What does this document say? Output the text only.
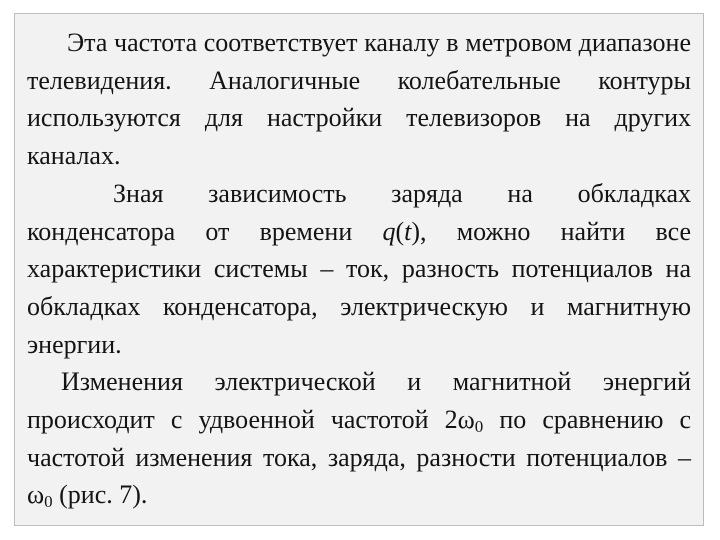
Эта частота соответствует каналу в метровом диапазоне телевидения. Аналогичные колебательные контуры используются для настройки телевизоров на других каналах.

Зная зависимость заряда на обкладках конденсатора от времени q(t), можно найти все характеристики системы – ток, разность потенциалов на обкладках конденсатора, электрическую и магнитную энергии.

Изменения электрической и магнитной энергий происходит с удвоенной частотой $2\omega_0$ по сравнению с частотой изменения тока, заряда, разности потенциалов $-\omega_0$ (рис. 7).
